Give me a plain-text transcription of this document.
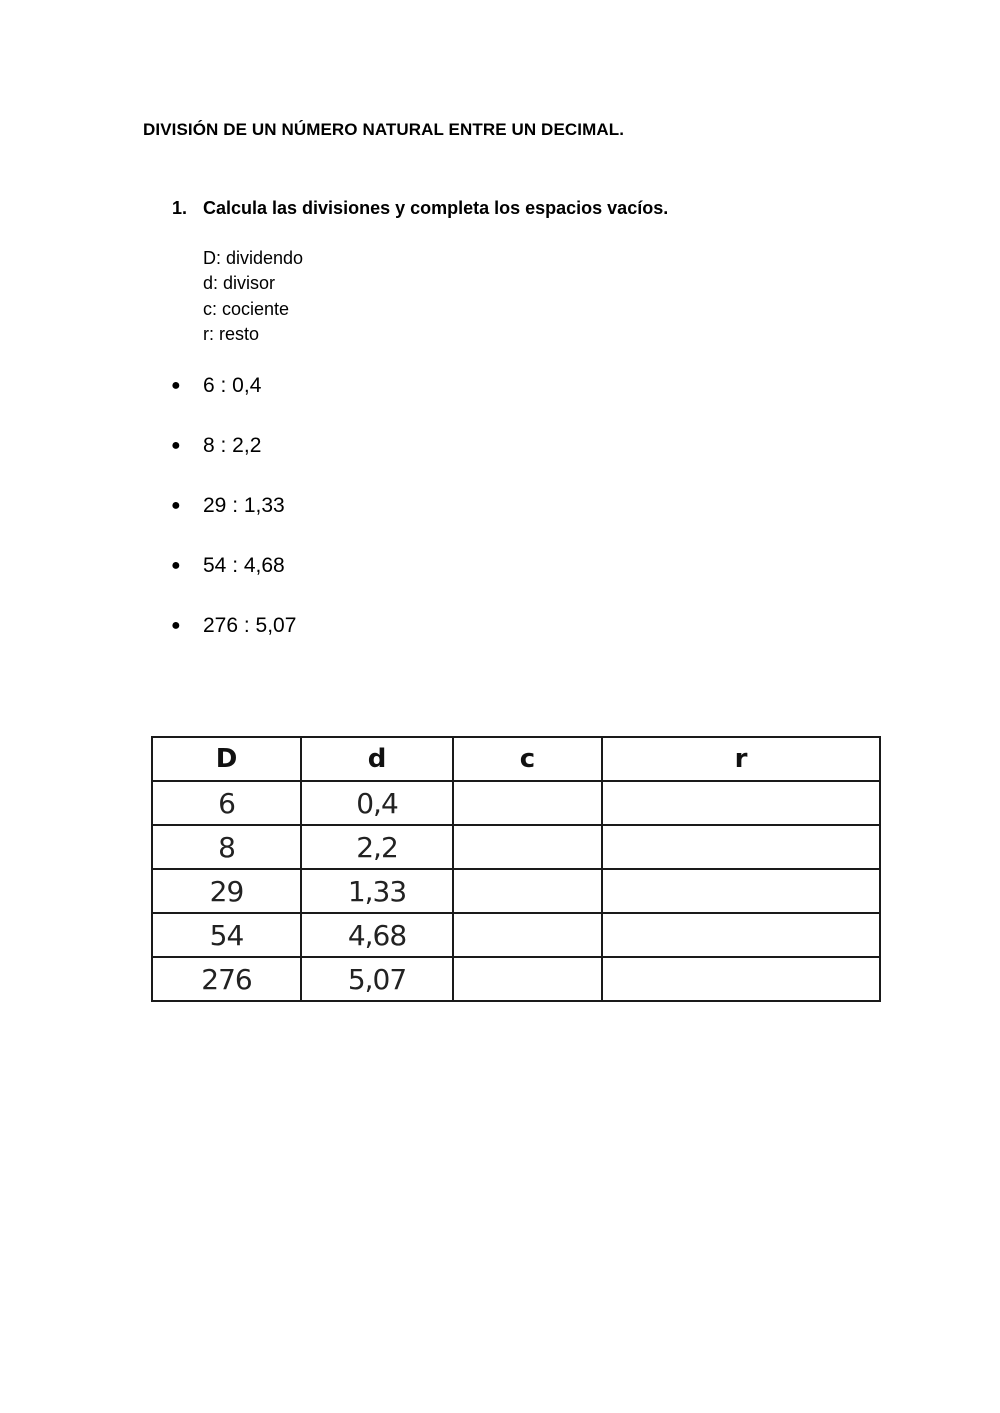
DIVISIÓN DE UN NÚMERO NATURAL ENTRE UN DECIMAL.
1. Calcula las divisiones y completa los espacios vacíos.
D: dividendo
d: divisor
c: cociente
r: resto
● 6 : 0,4
● 8 : 2,2
● 29 : 1,33
● 54 : 4,68
● 276 : 5,07
D	d	c	r
6	0,4		
8	2,2		
29	1,33		
54	4,68		
276	5,07		
